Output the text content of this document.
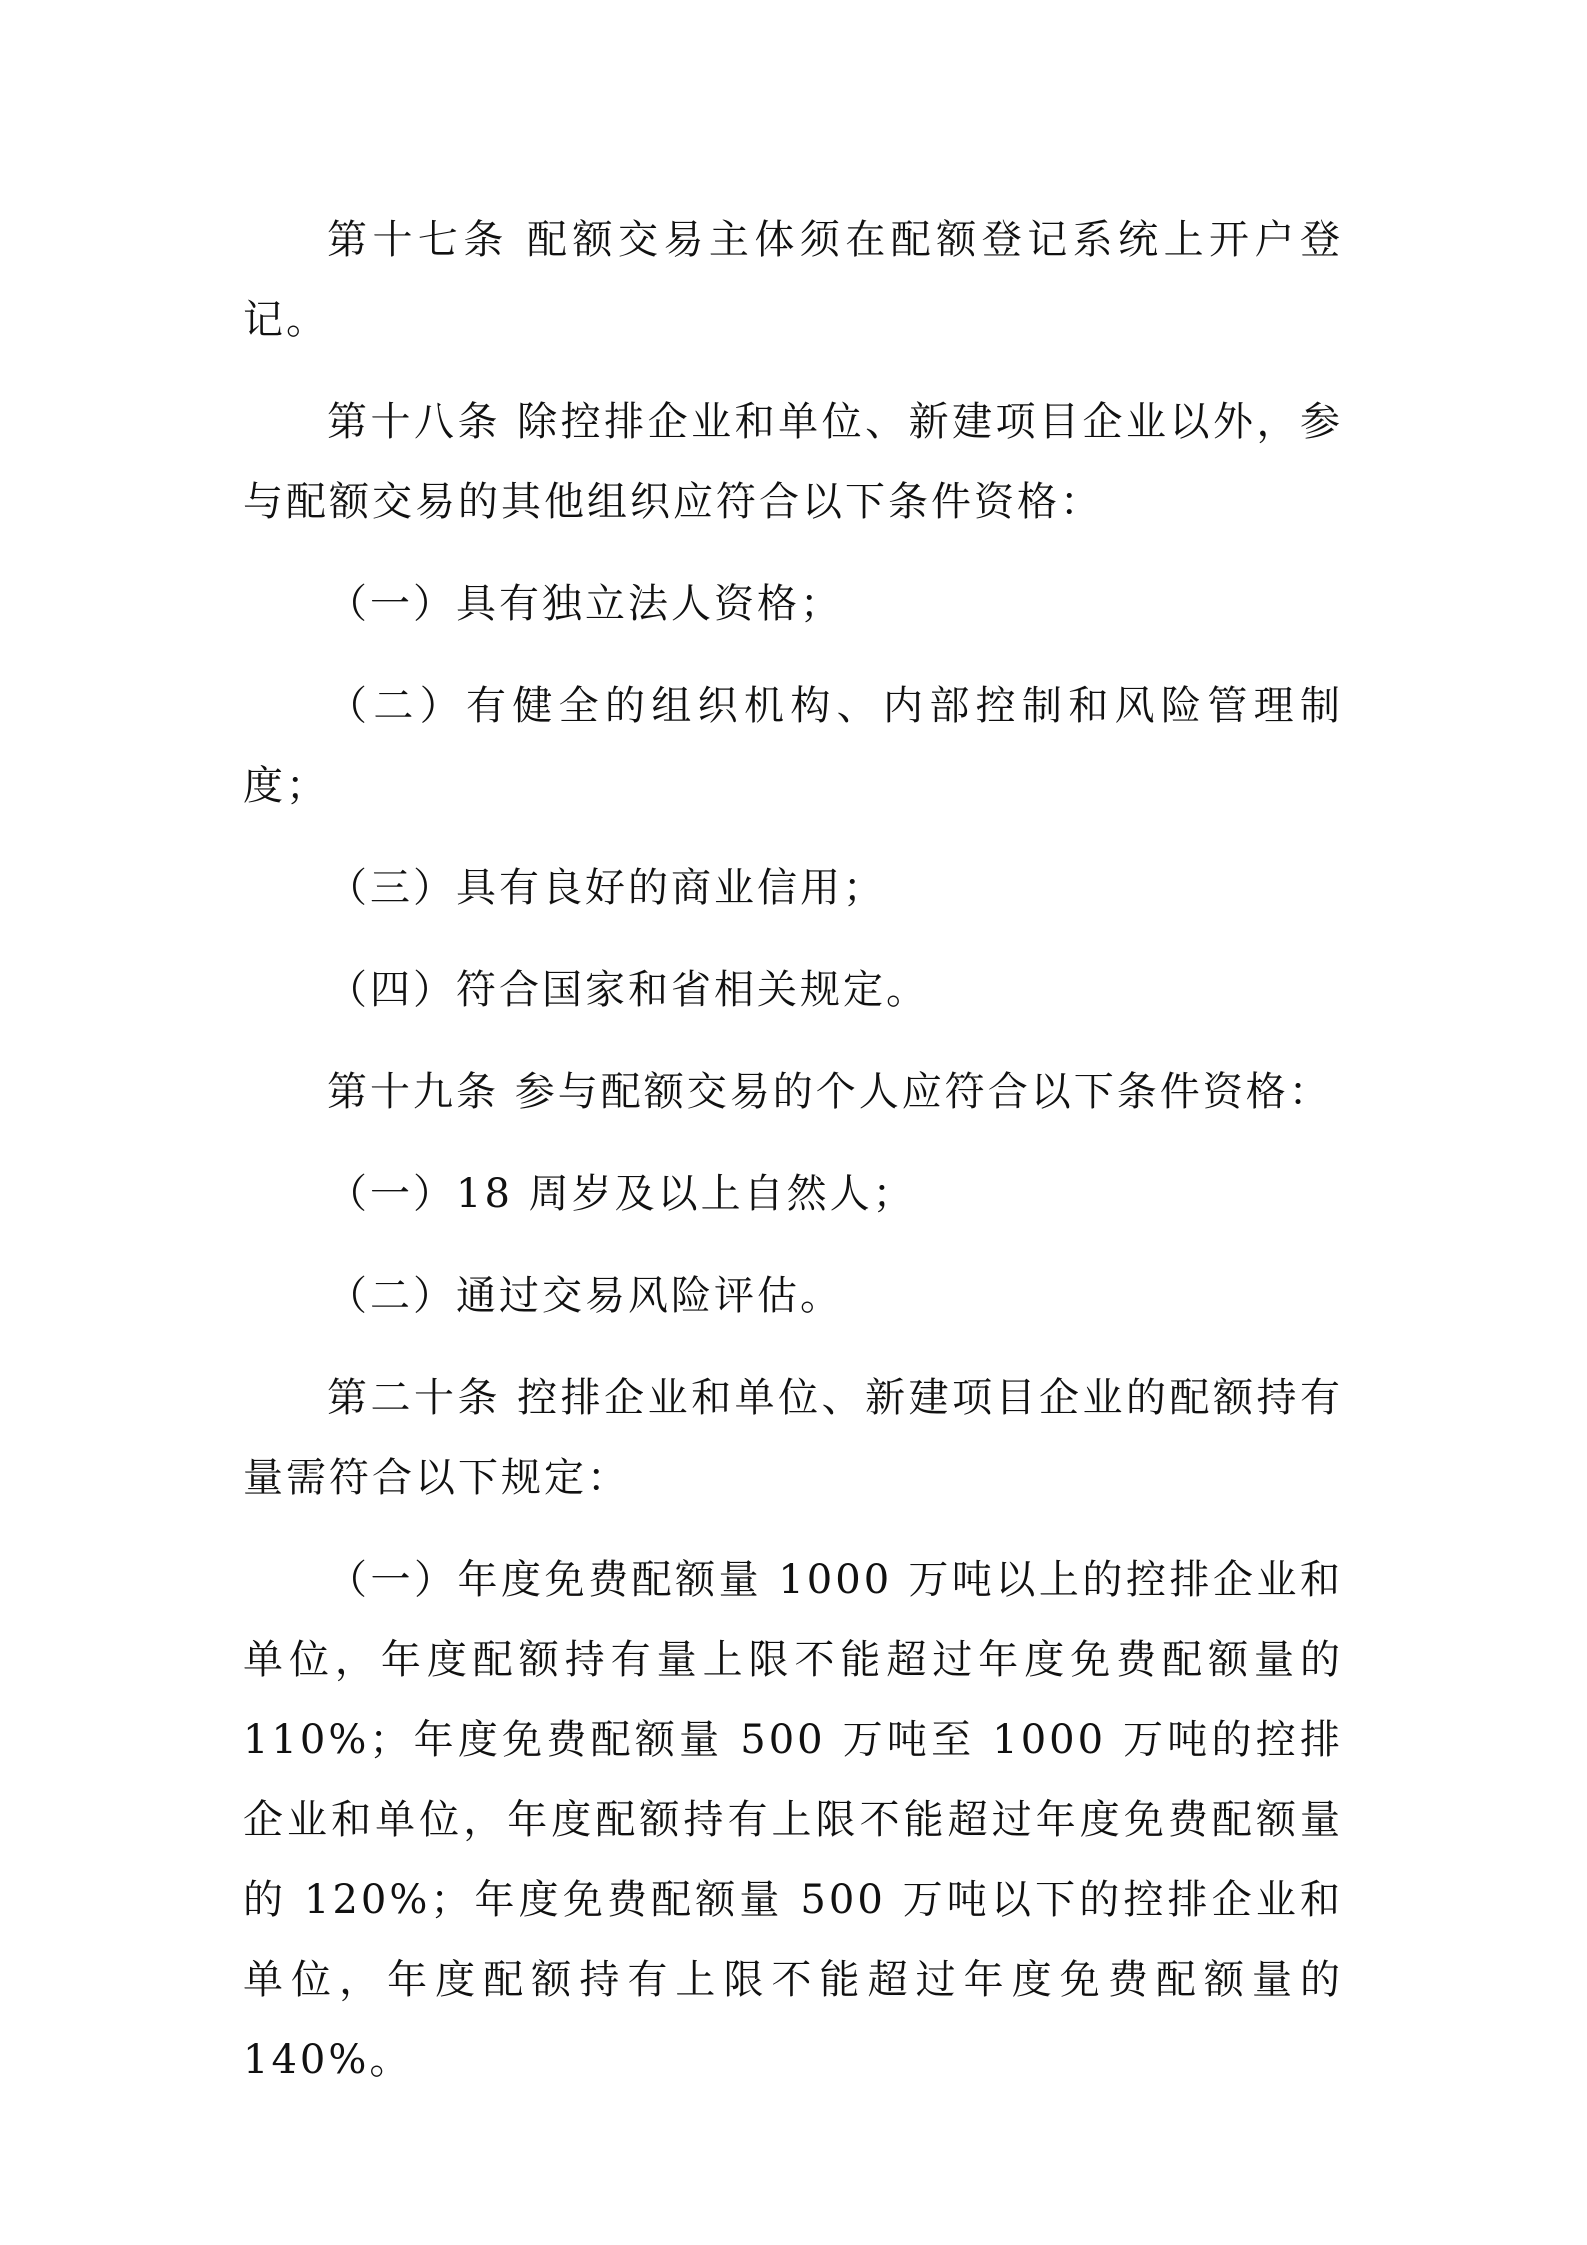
第十七条 配额交易主体须在配额登记系统上开户登记。

第十八条 除控排企业和单位、新建项目企业以外，参与配额交易的其他组织应符合以下条件资格：

（一）具有独立法人资格；

（二）有健全的组织机构、内部控制和风险管理制度；

（三）具有良好的商业信用；

（四）符合国家和省相关规定。

第十九条 参与配额交易的个人应符合以下条件资格：

（一）18 周岁及以上自然人；

（二）通过交易风险评估。

第二十条 控排企业和单位、新建项目企业的配额持有量需符合以下规定：

（一）年度免费配额量 1000 万吨以上的控排企业和单位，年度配额持有量上限不能超过年度免费配额量的 110%；年度免费配额量 500 万吨至 1000 万吨的控排企业和单位，年度配额持有上限不能超过年度免费配额量的 120%；年度免费配额量 500 万吨以下的控排企业和单位，年度配额持有上限不能超过年度免费配额量的 140%。
